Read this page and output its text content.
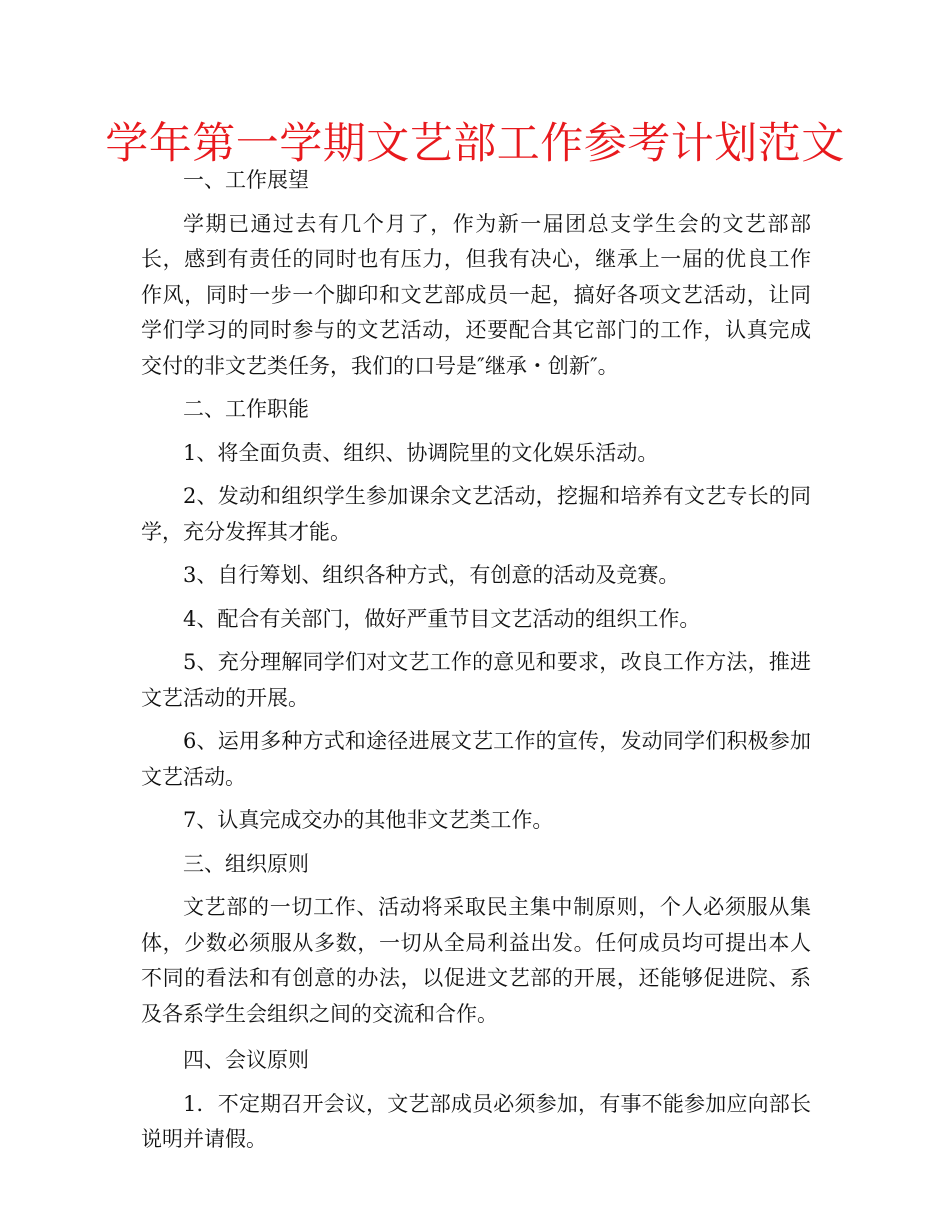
学年第一学期文艺部工作参考计划范文

一、工作展望

学期已通过去有几个月了，作为新一届团总支学生会的文艺部部长，感到有责任的同时也有压力，但我有决心，继承上一届的优良工作作风，同时一步一个脚印和文艺部成员一起，搞好各项文艺活动，让同学们学习的同时参与的文艺活动，还要配合其它部门的工作，认真完成交付的非文艺类任务，我们的口号是″继承・创新″。

二、工作职能

1、将全面负责、组织、协调院里的文化娱乐活动。

2、发动和组织学生参加课余文艺活动，挖掘和培养有文艺专长的同学，充分发挥其才能。

3、自行筹划、组织各种方式，有创意的活动及竞赛。

4、配合有关部门，做好严重节目文艺活动的组织工作。

5、充分理解同学们对文艺工作的意见和要求，改良工作方法，推进文艺活动的开展。

6、运用多种方式和途径进展文艺工作的宣传，发动同学们积极参加文艺活动。

7、认真完成交办的其他非文艺类工作。

三、组织原则

文艺部的一切工作、活动将采取民主集中制原则，个人必须服从集体，少数必须服从多数，一切从全局利益出发。任何成员均可提出本人不同的看法和有创意的办法，以促进文艺部的开展，还能够促进院、系及各系学生会组织之间的交流和合作。

四、会议原则

1．不定期召开会议，文艺部成员必须参加，有事不能参加应向部长说明并请假。
